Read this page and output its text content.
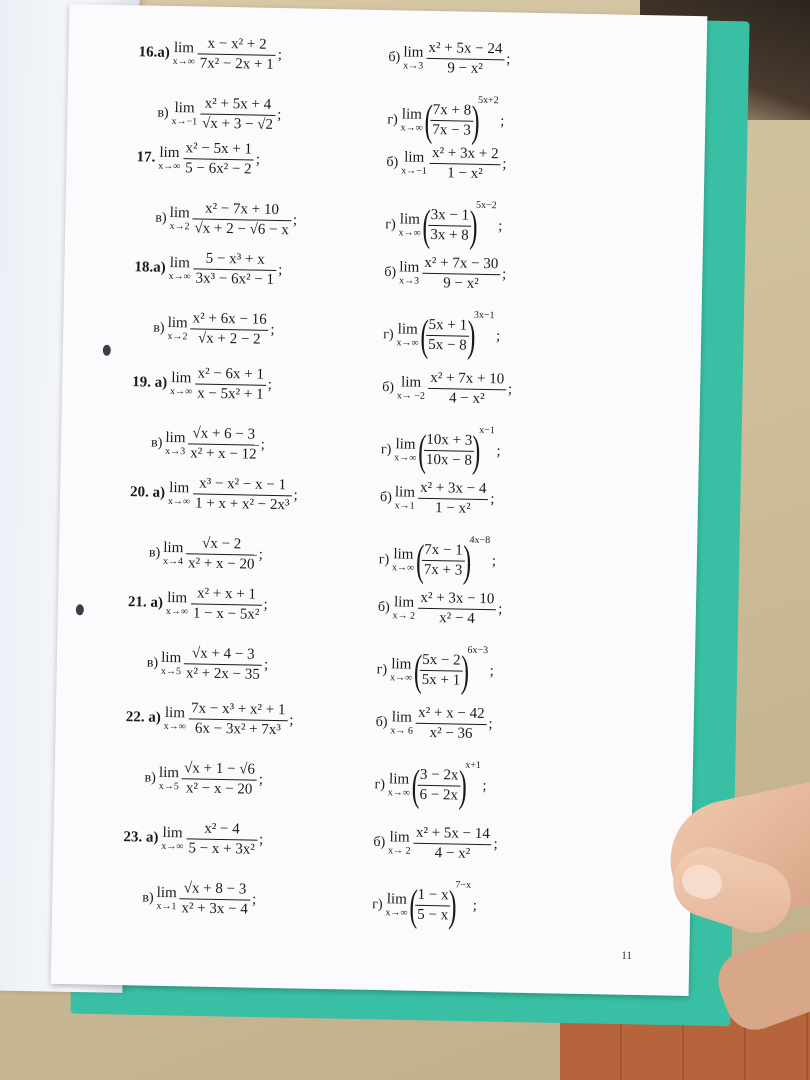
16.а) lim
$x\to\infty \frac{\text{x − x² + 2}}{\text{7x² − 2x + 1}}$ ;	б) lim
$x\to 3 \frac{\text{x² + 5x − 24}}{\text{9 − x²}}$ ;
в) lim
$x\to-1 \frac{\text{x² + 5x + 4}}{√x + 3 - √2}$ ;	г) lim
x→∞ (
$\frac{7x + 8}{7x - 3}$
)5x+2;
17. lim
$x\to\infty \frac{\text{x² − 5x + 1}}{\text{5 − 6x² − 2}}$ ;	б) lim
$x\to-1 \frac{\text{x² + 3x + 2}}{\text{1 − x²}}$ ;
в) lim
$x\to 2 \frac{\text{x² − 7x + 10}}{√x + 2 - √6 - x}$ ;	г) lim
x→∞ (
$\frac{3x - 1}{3x + 8}$
)5x−2;
18.а) lim
$x\to\infty \frac{\text{5 − x³ + x}}{\text{3x³ − 6x² − 1}}$ ;	б) lim
$x\to 3 \frac{\text{x² + 7x − 30}}{\text{9 − x²}}$ ;
в) lim
$x\to 2 \frac{\text{x² + 6x − 16}}{√x + 2 - 2}$ ;	г) lim
x→∞ (
$\frac{5x + 1}{5x - 8}$
)3x−1;
19. а) lim
$x\to\infty \frac{\text{x² − 6x + 1}}{\text{x − 5x² + 1}}$ ;	б) lim
$x\to -2 \frac{\text{x² + 7x + 10}}{\text{4 − x²}}$ ;
в) lim
$x\to 3 \frac{√x + 6 - 3}{\text{x² + x − 12}}$ ;	г) lim
x→∞ (
$\frac{10x + 3}{10x - 8}$
)x−1;
20. а) lim
$x\to\infty \frac{\text{x³ − x² − x − 1}}{\text{1 + x + x² − 2x³}}$ ;	б) lim
$x\to 1 \frac{\text{x² + 3x − 4}}{\text{1 − x²}}$ ;
в) lim
$x\to 4 \frac{√x - 2}{\text{x² + x − 20}}$ ;	г) lim
x→∞ (
$\frac{7x - 1}{7x + 3}$
)4x−8;
21. а) lim
$x\to\infty \frac{\text{x² + x + 1}}{\text{1 − x − 5x²}}$ ;	б) lim
$x\to 2 \frac{\text{x² + 3x − 10}}{\text{x² − 4}}$ ;
в) lim
$x\to 5 \frac{√x + 4 - 3}{\text{x² + 2x − 35}}$ ;	г) lim
x→∞ (
$\frac{5x - 2}{5x + 1}$
)6x−3;
22. а) lim
$x\to\infty \frac{\text{7x − x³ + x² + 1}}{\text{6x − 3x² + 7x³}}$ ;	б) lim
$x\to 6 \frac{\text{x² + x − 42}}{\text{x² − 36}}$ ;
в) lim
$x\to 5 \frac{√x + 1 - √6}{\text{x² − x − 20}}$ ;	г) lim
x→∞ (
$\frac{3 - 2x}{6 - 2x}$
)x+1;
23. а) lim
$x\to\infty \frac{\text{x² − 4}}{\text{5 − x + 3x²}}$ ;	б) lim
$x\to 2 \frac{\text{x² + 5x − 14}}{\text{4 − x²}}$ ;
в) lim
$x\to 1 \frac{√x + 8 - 3}{\text{x² + 3x − 4}}$ ;	г) lim
x→∞ (
$\frac{1 - x}{5 - x}$
)7−x;
11
